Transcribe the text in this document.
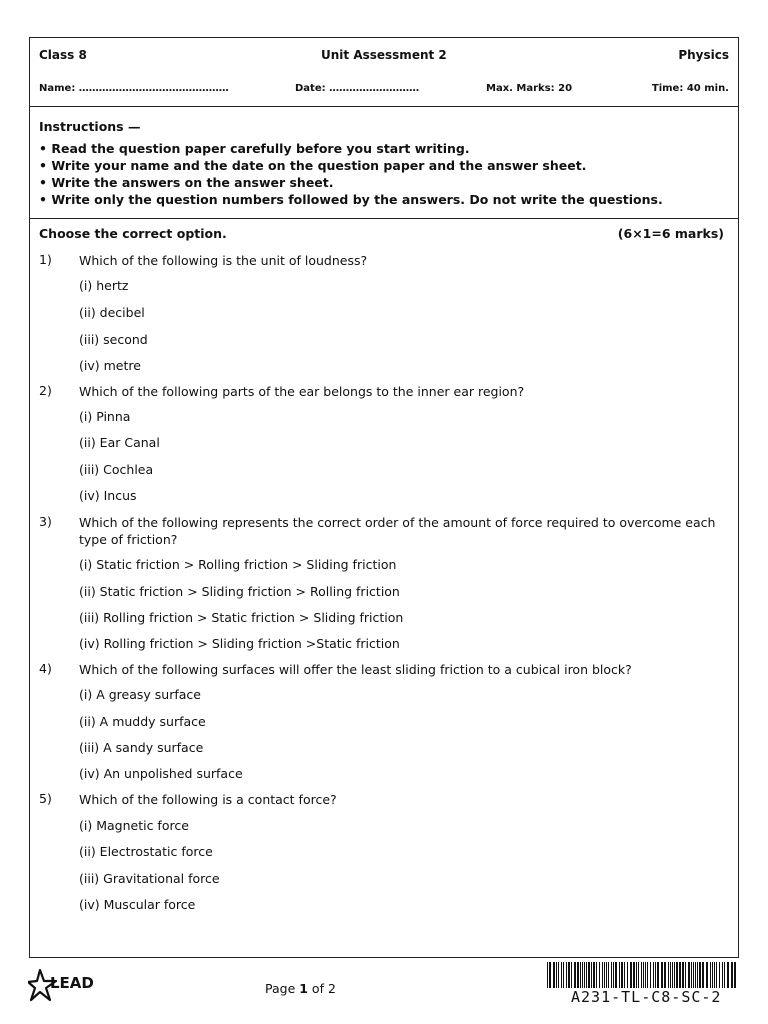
Class 8	Unit Assessment 2	Physics
Name: ………………………………………	Date: ………………………	Max. Marks: 20	Time: 40 min.
Instructions —
• Read the question paper carefully before you start writing.
• Write your name and the date on the question paper and the answer sheet.
• Write the answers on the answer sheet.
• Write only the question numbers followed by the answers. Do not write the questions.
Choose the correct option.	(6×1=6 marks)
1) Which of the following is the unit of loudness?
(i) hertz
(ii) decibel
(iii) second
(iv) metre
2) Which of the following parts of the ear belongs to the inner ear region?
(i) Pinna
(ii) Ear Canal
(iii) Cochlea
(iv) Incus
3) Which of the following represents the correct order of the amount of force required to overcome each type of friction?
(i) Static friction > Rolling friction > Sliding friction
(ii) Static friction > Sliding friction > Rolling friction
(iii) Rolling friction > Static friction > Sliding friction
(iv) Rolling friction > Sliding friction >Static friction
4) Which of the following surfaces will offer the least sliding friction to a cubical iron block?
(i) A greasy surface
(ii) A muddy surface
(iii) A sandy surface
(iv) An unpolished surface
5) Which of the following is a contact force?
(i) Magnetic force
(ii) Electrostatic force
(iii) Gravitational force
(iv) Muscular force
LEAD	Page 1 of 2	A231-TL-C8-SC-2
